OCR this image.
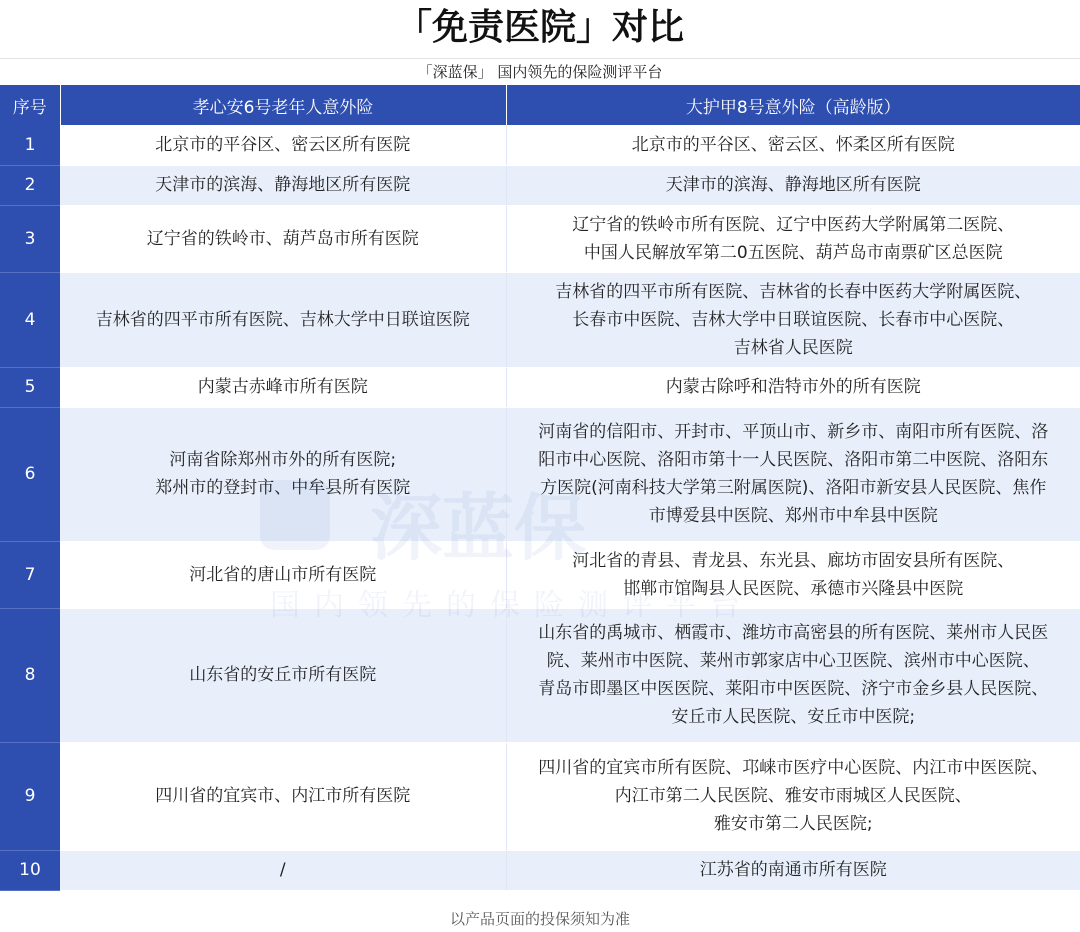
「免责医院」对比
「深蓝保」 国内领先的保险测评平台
序号	孝心安6号老年人意外险	大护甲8号意外险（高龄版）
1	北京市的平谷区、密云区所有医院	北京市的平谷区、密云区、怀柔区所有医院
2	天津市的滨海、静海地区所有医院	天津市的滨海、静海地区所有医院
3	辽宁省的铁岭市、葫芦岛市所有医院	辽宁省的铁岭市所有医院、辽宁中医药大学附属第二医院、
中国人民解放军第二0五医院、葫芦岛市南票矿区总医院
4	吉林省的四平市所有医院、吉林大学中日联谊医院	吉林省的四平市所有医院、吉林省的长春中医药大学附属医院、
长春市中医院、吉林大学中日联谊医院、长春市中心医院、
吉林省人民医院
5	内蒙古赤峰市所有医院	内蒙古除呼和浩特市外的所有医院
6	河南省除郑州市外的所有医院;
郑州市的登封市、中牟县所有医院	河南省的信阳市、开封市、平顶山市、新乡市、南阳市所有医院、洛
阳市中心医院、洛阳市第十一人民医院、洛阳市第二中医院、洛阳东
方医院(河南科技大学第三附属医院)、洛阳市新安县人民医院、焦作
市博爱县中医院、郑州市中牟县中医院
7	河北省的唐山市所有医院	河北省的青县、青龙县、东光县、廊坊市固安县所有医院、
邯郸市馆陶县人民医院、承德市兴隆县中医院
8	山东省的安丘市所有医院	山东省的禹城市、栖霞市、潍坊市高密县的所有医院、莱州市人民医
院、莱州市中医院、莱州市郭家店中心卫医院、滨州市中心医院、
青岛市即墨区中医医院、莱阳市中医医院、济宁市金乡县人民医院、
安丘市人民医院、安丘市中医院;
9	四川省的宜宾市、内江市所有医院	四川省的宜宾市所有医院、邛崃市医疗中心医院、内江市中医医院、
内江市第二人民医院、雅安市雨城区人民医院、
雅安市第二人民医院;
10	/	江苏省的南通市所有医院
以产品页面的投保须知为准
